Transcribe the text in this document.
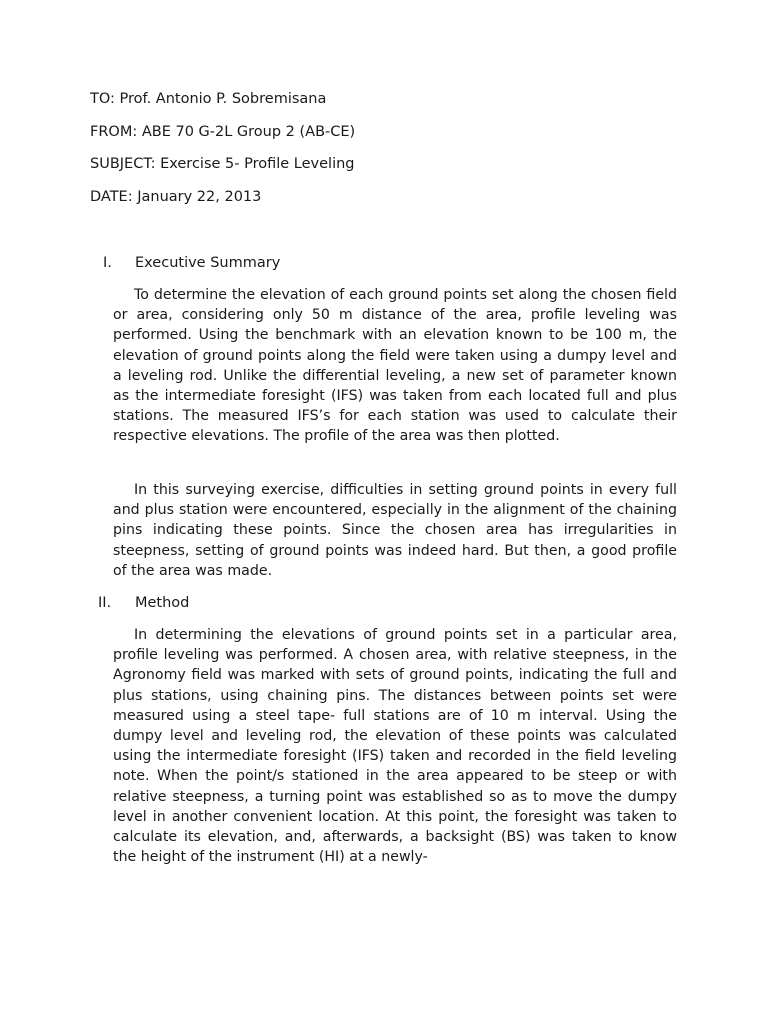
TO: Prof. Antonio P. Sobremisana
FROM: ABE 70 G-2L Group 2 (AB-CE)
SUBJECT: Exercise 5- Profile Leveling
DATE: January 22, 2013
I. Executive Summary

To determine the elevation of each ground points set along the chosen field or area, considering only 50 m distance of the area, profile leveling was performed. Using the benchmark with an elevation known to be 100 m, the elevation of ground points along the field were taken using a dumpy level and a leveling rod. Unlike the differential leveling, a new set of parameter known as the intermediate foresight (IFS) was taken from each located full and plus stations. The measured IFS’s for each station was used to calculate their respective elevations. The profile of the area was then plotted.

In this surveying exercise, difficulties in setting ground points in every full and plus station were encountered, especially in the alignment of the chaining pins indicating these points. Since the chosen area has irregularities in steepness, setting of ground points was indeed hard. But then, a good profile of the area was made.

II. Method

In determining the elevations of ground points set in a particular area, profile leveling was performed. A chosen area, with relative steepness, in the Agronomy field was marked with sets of ground points, indicating the full and plus stations, using chaining pins. The distances between points set were measured using a steel tape- full stations are of 10 m interval. Using the dumpy level and leveling rod, the elevation of these points was calculated using the intermediate foresight (IFS) taken and recorded in the field leveling note. When the point/s stationed in the area appeared to be steep or with relative steepness, a turning point was established so as to move the dumpy level in another convenient location. At this point, the foresight was taken to calculate its elevation, and, afterwards, a backsight (BS) was taken to know the height of the instrument (HI) at a newly-
